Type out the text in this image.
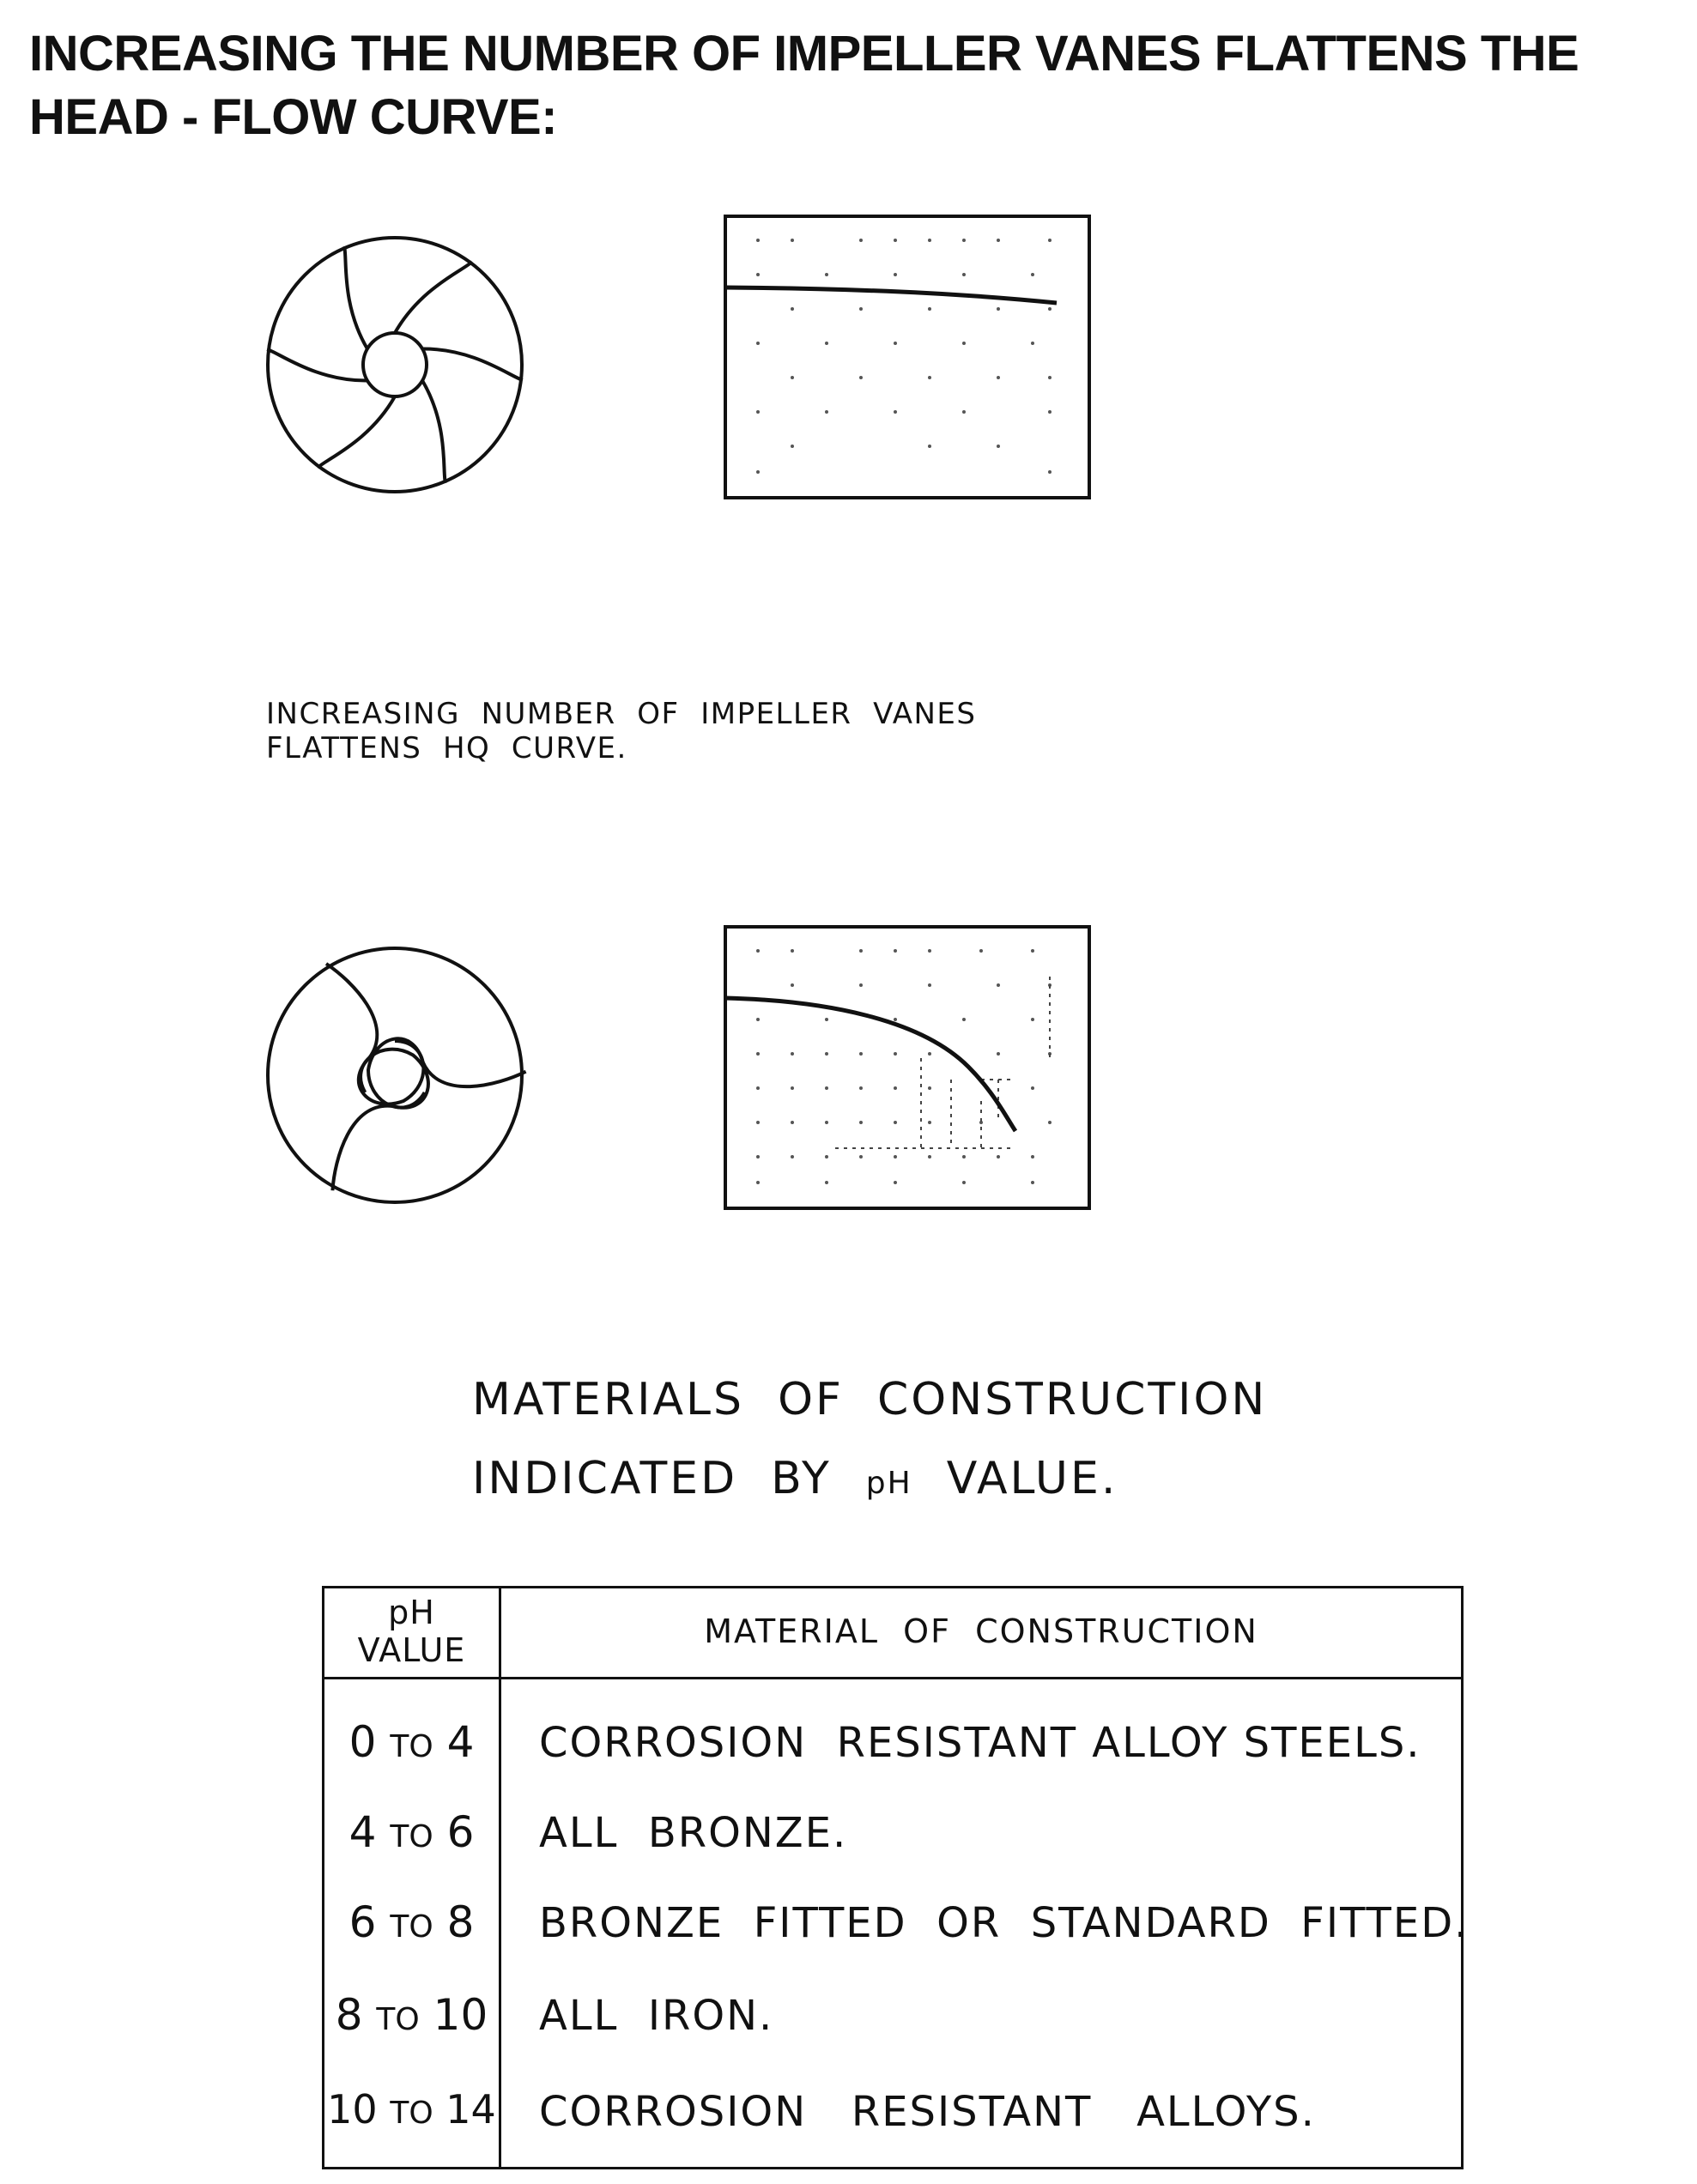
INCREASING THE NUMBER OF IMPELLER VANES FLATTENS THE
HEAD - FLOW CURVE:

INCREASING  NUMBER  OF  IMPELLER  VANES
FLATTENS  HQ  CURVE.

MATERIALS  OF  CONSTRUCTION
INDICATED  BY pH VALUE.
pH
VALUE	MATERIAL  OF  CONSTRUCTION
0 TO 4	CORROSION  RESISTANT ALLOY STEELS.
4 TO 6	ALL  BRONZE.
6 TO 8	BRONZE  FITTED  OR  STANDARD  FITTED.
8 TO 10 ALL  IRON.
10 TO 14 CORROSION   RESISTANT   ALLOYS.
